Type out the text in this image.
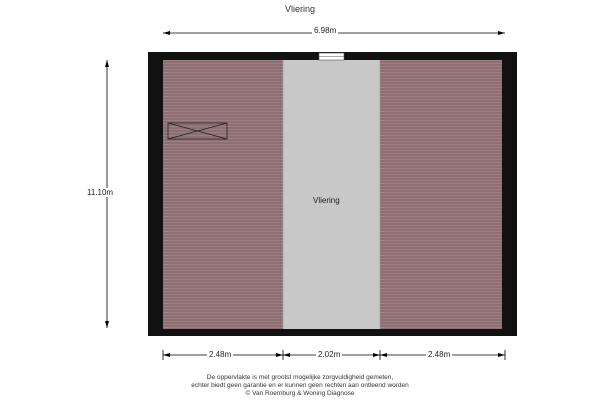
Vliering
6.98m
11.10m
2.48m	2.02m	2.48m
Vliering
De oppervlakte is met grootst mogelijke zorgvuldigheid gemeten,
echter biedt geen garantie en er kunnen geen rechten aan ontleend worden
© Van Roemburg & Woning Diagnose
